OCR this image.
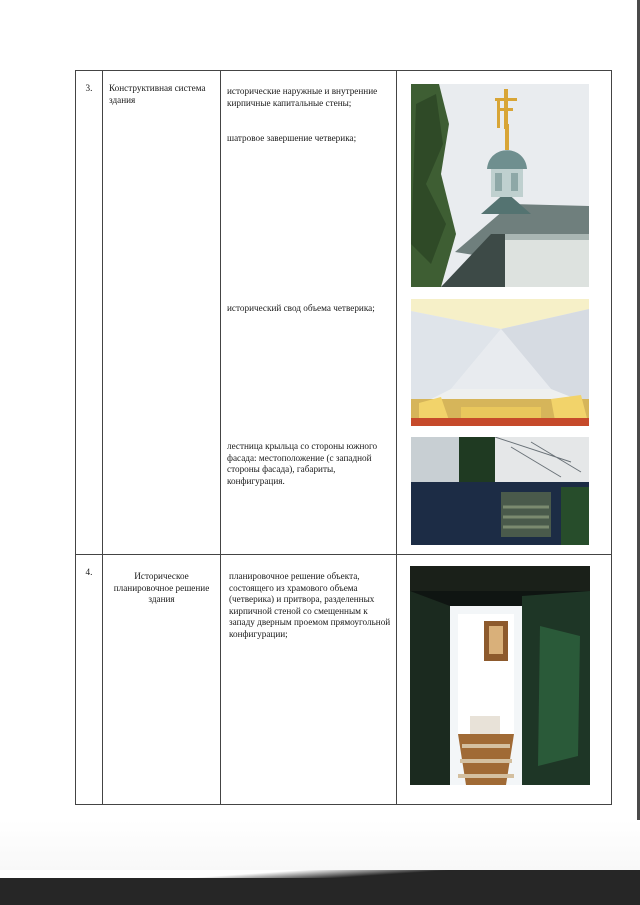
3.	Конструктивная система здания	исторические наружные и внутренние кирпичные капитальные стены;
шатровое завершение четверика;
исторический свод объема четверика;
лестница крыльца со стороны южного фасада: местоположение (с западной стороны фасада), габариты, конфигурация.

4.	Историческое планировочное решение здания	планировочное решение объекта, состоящего из храмового объема (четверика) и притвора, разделенных кирпичной стеной со смещенным к западу дверным проемом прямоугольной конфигурации;
